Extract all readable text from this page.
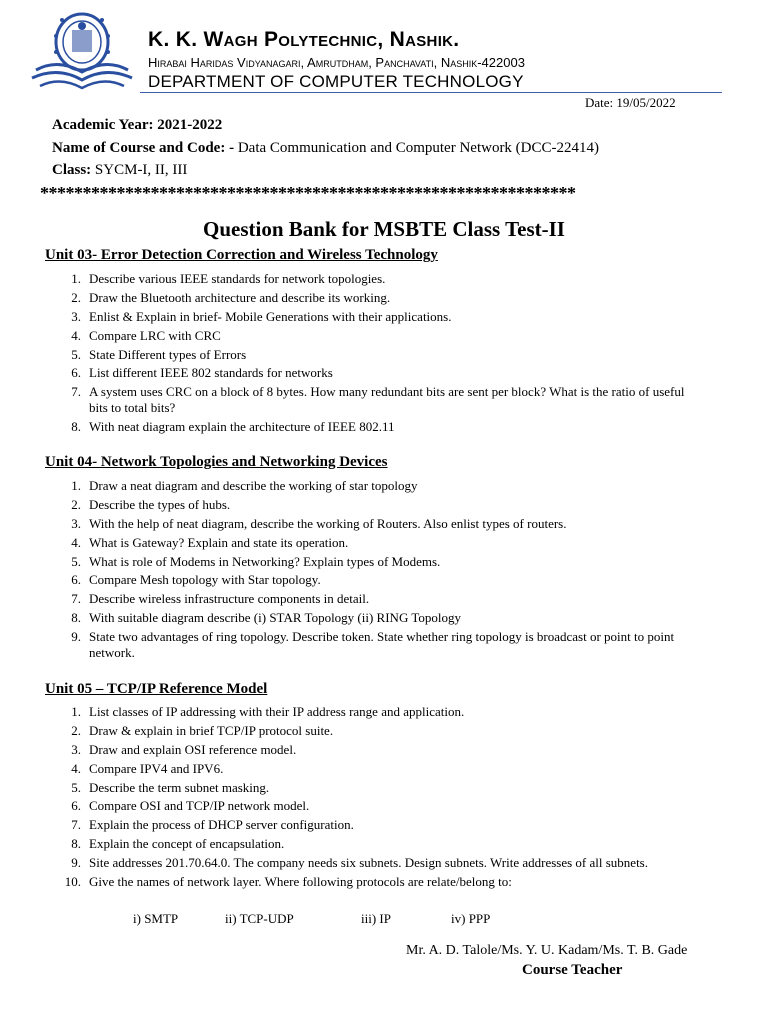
K. K. Wagh Polytechnic, Nashik.
Hirabai Haridas Vidyanagari, Amrutdham, Panchavati, Nashik-422003
DEPARTMENT OF COMPUTER TECHNOLOGY
Date: 19/05/2022
Academic Year: 2021-2022
Name of Course and Code: - Data Communication and Computer Network (DCC-22414)
Class: SYCM-I, II, III
***************************************************************
Question Bank for MSBTE Class Test-II
Unit 03- Error Detection Correction and Wireless Technology
1. Describe various IEEE standards for network topologies.
2. Draw the Bluetooth architecture and describe its working.
3. Enlist & Explain in brief- Mobile Generations with their applications.
4. Compare LRC with CRC
5. State Different types of Errors
6. List different IEEE 802 standards for networks
7. A system uses CRC on a block of 8 bytes. How many redundant bits are sent per block? What is the ratio of useful bits to total bits?
8. With neat diagram explain the architecture of IEEE 802.11
Unit 04- Network Topologies and Networking Devices
1. Draw a neat diagram and describe the working of star topology
2. Describe the types of hubs.
3. With the help of neat diagram, describe the working of Routers. Also enlist types of routers.
4. What is Gateway? Explain and state its operation.
5. What is role of Modems in Networking? Explain types of Modems.
6. Compare Mesh topology with Star topology.
7. Describe wireless infrastructure components in detail.
8. With suitable diagram describe (i) STAR Topology (ii) RING Topology
9. State two advantages of ring topology. Describe token. State whether ring topology is broadcast or point to point network.
Unit 05 – TCP/IP Reference Model
1. List classes of IP addressing with their IP address range and application.
2. Draw & explain in brief TCP/IP protocol suite.
3. Draw and explain OSI reference model.
4. Compare IPV4 and IPV6.
5. Describe the term subnet masking.
6. Compare OSI and TCP/IP network model.
7. Explain the process of DHCP server configuration.
8. Explain the concept of encapsulation.
9. Site addresses 201.70.64.0. The company needs six subnets. Design subnets. Write addresses of all subnets.
10. Give the names of network layer. Where following protocols are relate/belong to:
i) SMTP	ii) TCP-UDP	iii) IP	iv) PPP
Mr. A. D. Talole/Ms. Y. U. Kadam/Ms. T. B. Gade
Course Teacher
